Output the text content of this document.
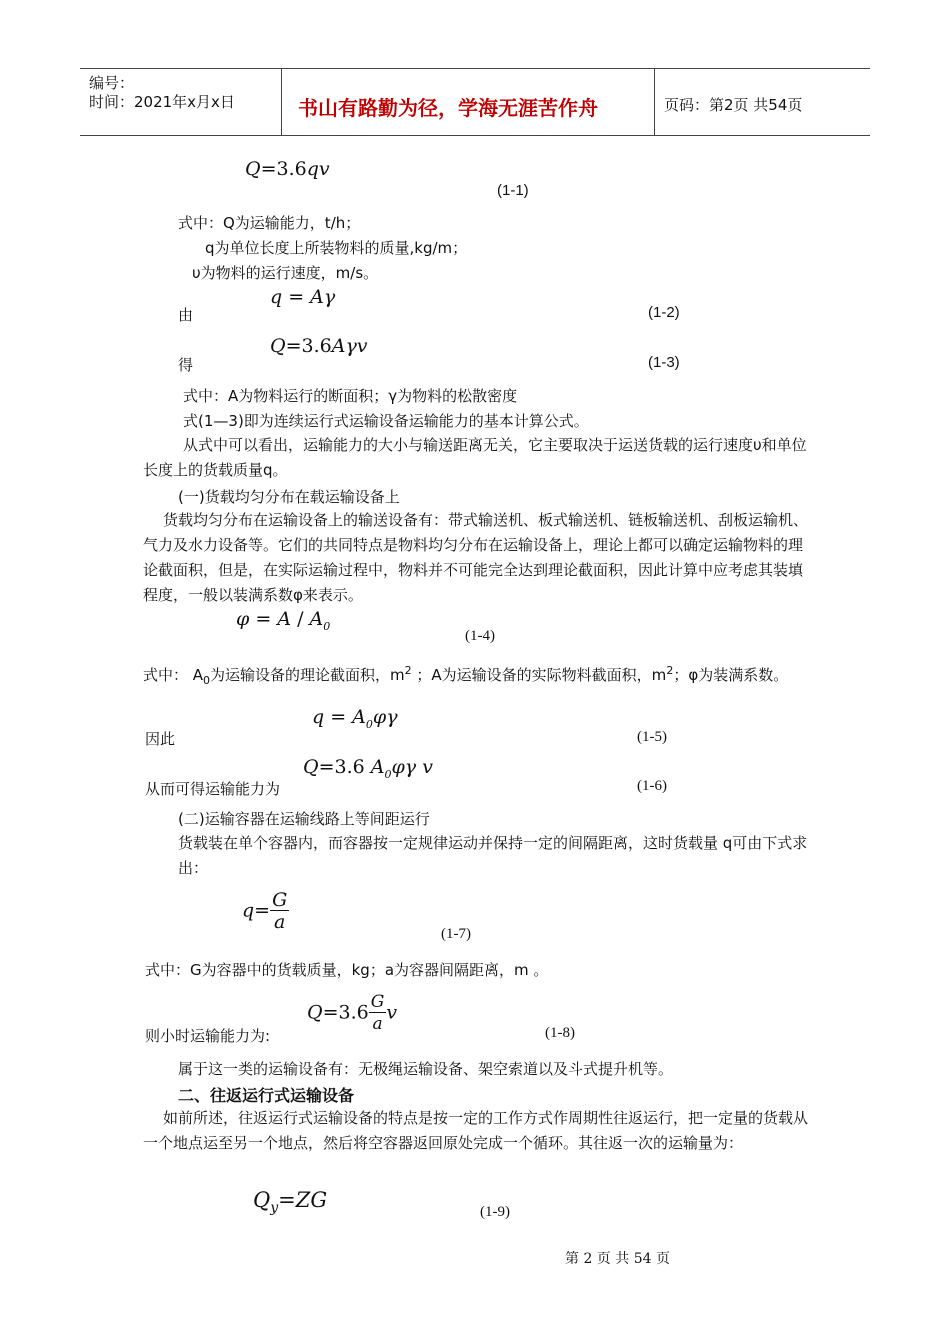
编号：
时间：2021年x月x日	书山有路勤为径，学海无涯苦作舟	页码：第2页 共54页
Q=3.6qv
(1-1)
式中：Q为运输能力，t/h；
q为单位长度上所装物料的质量,kg/m；
υ为物料的运行速度，m/s。
q = Aγ
由	(1-2)
Q=3.6Aγv
得	(1-3)
式中：A为物料运行的断面积；γ为物料的松散密度
式(1—3)即为连续运行式运输设备运输能力的基本计算公式。
从式中可以看出，运输能力的大小与输送距离无关，它主要取决于运送货载的运行速度υ和单位长度上的货载质量q。
(一)货载均匀分布在载运输设备上
货载均匀分布在运输设备上的输送设备有：带式输送机、板式输送机、链板输送机、刮板运输机、气力及水力设备等。它们的共同特点是物料均匀分布在运输设备上，理论上都可以确定运输物料的理论截面积，但是，在实际运输过程中，物料并不可能完全达到理论截面积，因此计算中应考虑其装填程度，一般以装满系数φ来表示。
$\varphi = A / A_0$
(1-4)
式中： $A_0$为运输设备的理论截面积，$m^2$ ；A为运输设备的实际物料截面积，$m^2$；φ为装满系数。
$q = A_0\varphi\gamma$
因此	(1-5)
Q=3.6 $A_0\varphi\gamma$ v
从而可得运输能力为	(1-6)
(二)运输容器在运输线路上等间距运行
货载装在单个容器内，而容器按一定规律运动并保持一定的间隔距离，这时货载量 q可由下式求出：
$q= \frac{G}{a}$
(1-7)
式中：G为容器中的货载质量，kg；a为容器间隔距离，m 。
$Q=3.6 \frac{G}{a}$ v
则小时运输能力为:	(1-8)
属于这一类的运输设备有：无极绳运输设备、架空索道以及斗式提升机等。
二、往返运行式运输设备
如前所述，往返运行式运输设备的特点是按一定的工作方式作周期性往返运行，把一定量的货载从一个地点运至另一个地点，然后将空容器返回原处完成一个循环。其往返一次的运输量为：
$Q_y=ZG$	(1-9)
第 2 页 共 54 页
